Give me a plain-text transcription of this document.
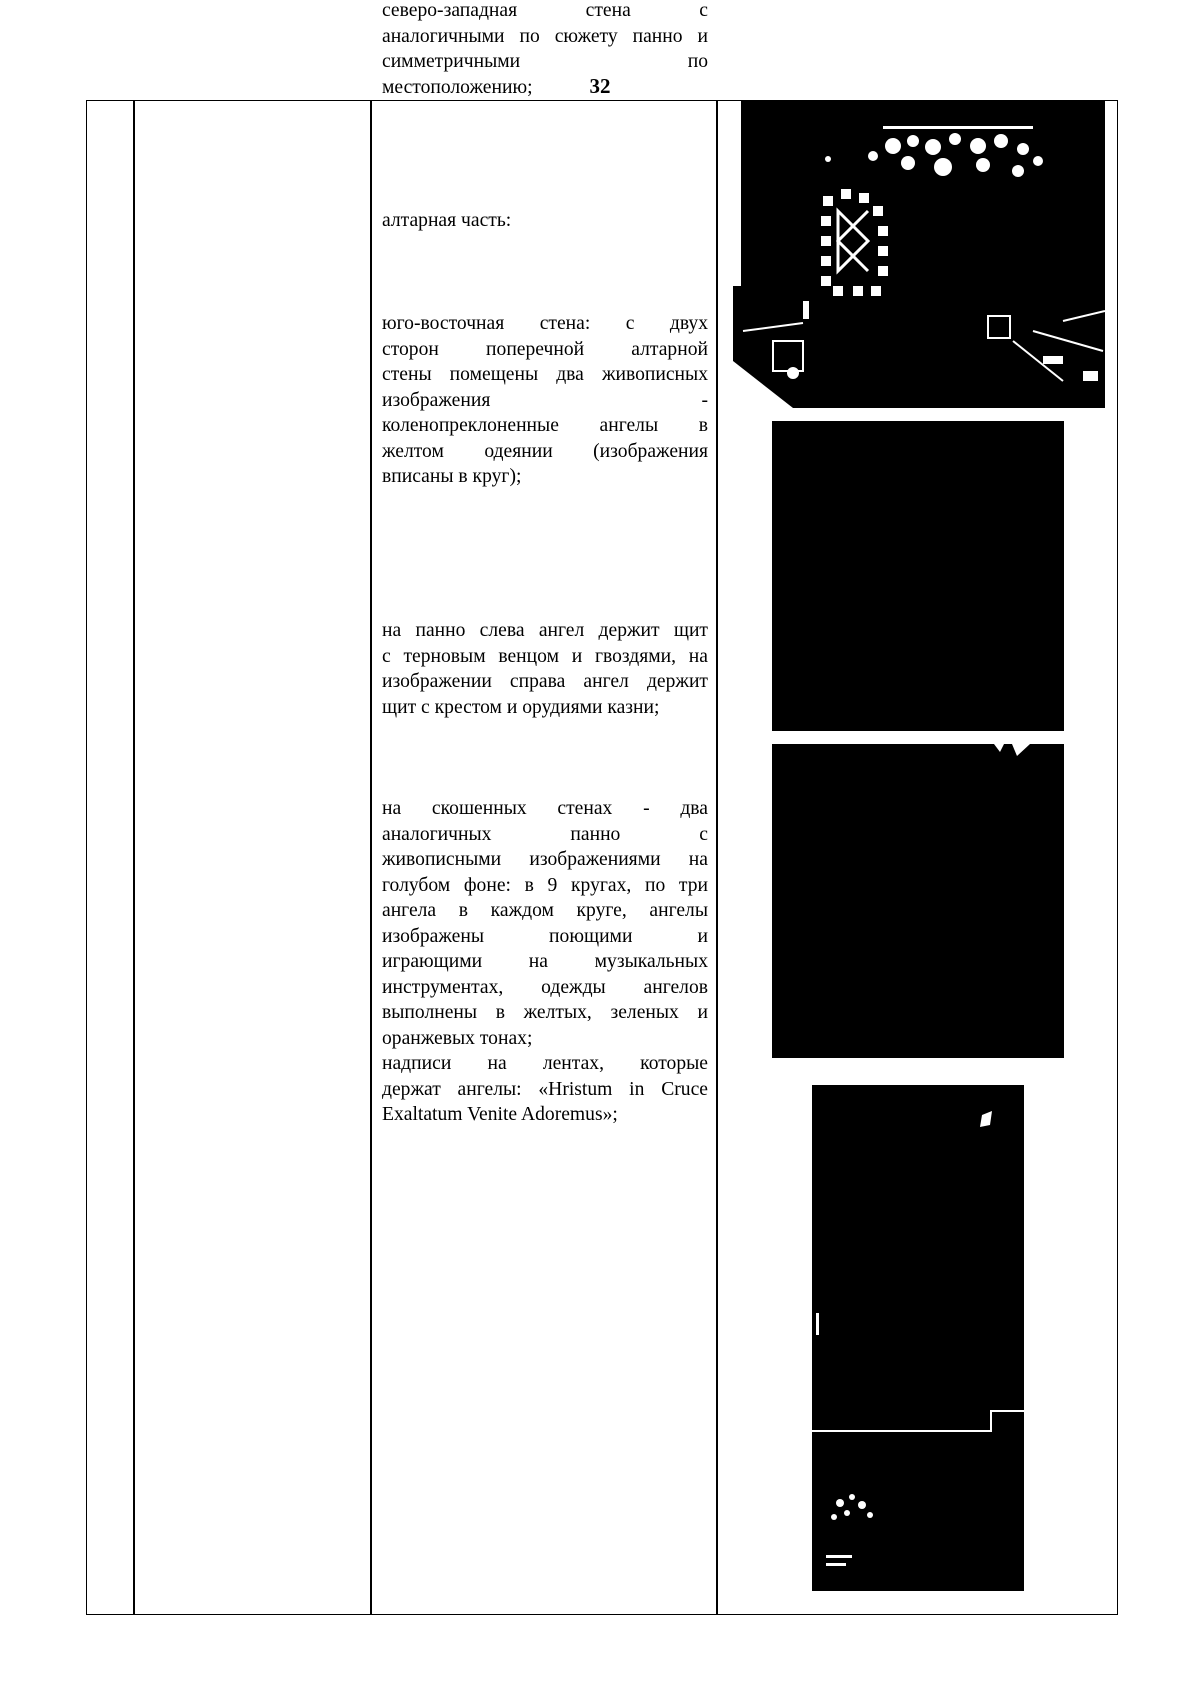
32
северо-западная стена с
аналогичными по сюжету панно и
симметричными по
местоположению;
алтарная часть:
юго-восточная стена: с двух
сторон поперечной алтарной
стены помещены два живописных
изображения -
коленопреклоненные ангелы в
желтом одеянии (изображения
вписаны в круг);
на панно слева ангел держит щит
с терновым венцом и гвоздями, на
изображении справа ангел держит
щит с крестом и орудиями казни;
на скошенных стенах - два
аналогичных панно с
живописными изображениями на
голубом фоне: в 9 кругах, по три
ангела в каждом круге, ангелы
изображены поющими и
играющими на музыкальных
инструментах, одежды ангелов
выполнены в желтых, зеленых и
оранжевых тонах;
надписи на лентах, которые
держат ангелы: «Hristum in Cruce
Exaltatum Venite Adoremus»;
